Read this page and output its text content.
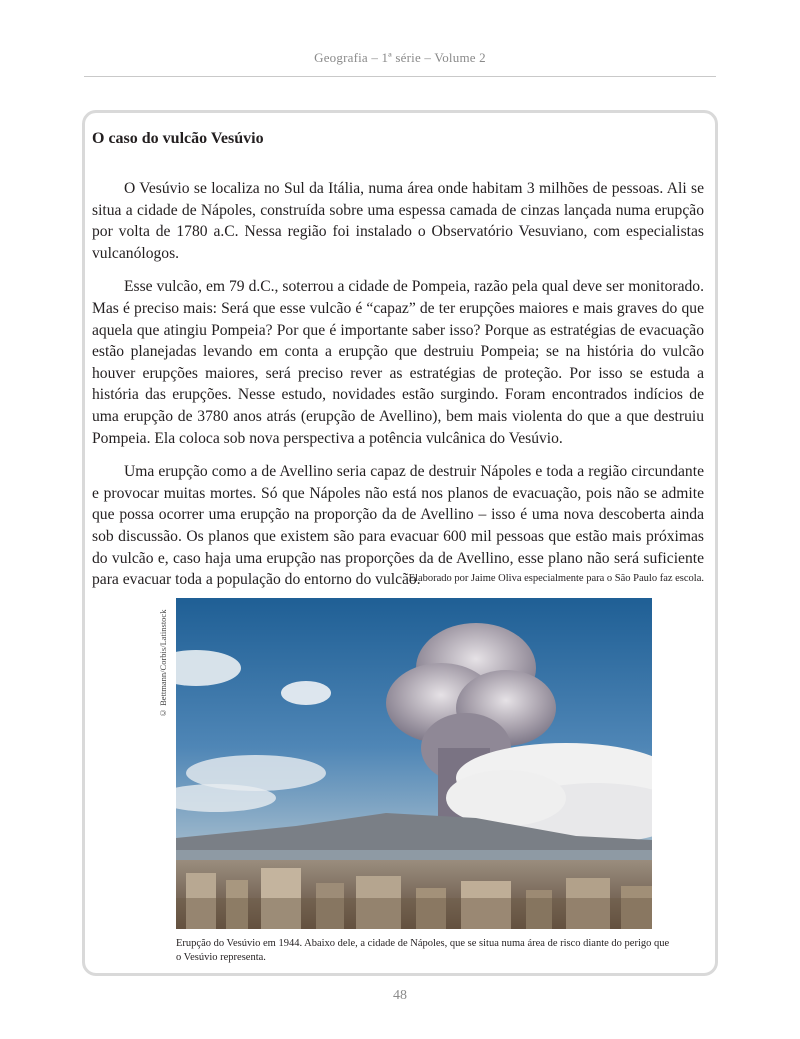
Geografia – 1ª série – Volume 2
O caso do vulcão Vesúvio

O Vesúvio se localiza no Sul da Itália, numa área onde habitam 3 milhões de pessoas. Ali se situa a cidade de Nápoles, construída sobre uma espessa camada de cinzas lançada numa erupção por volta de 1780 a.C. Nessa região foi instalado o Observatório Vesuviano, com especialistas vulcanólogos.

Esse vulcão, em 79 d.C., soterrou a cidade de Pompeia, razão pela qual deve ser monitorado. Mas é preciso mais: Será que esse vulcão é “capaz” de ter erupções maiores e mais graves do que aquela que atingiu Pompeia? Por que é importante saber isso? Porque as estratégias de evacuação estão planejadas levando em conta a erupção que destruiu Pompeia; se na história do vulcão houver erupções maiores, será preciso rever as estratégias de proteção. Por isso se estuda a história das erupções. Nesse estudo, novidades estão surgindo. Foram encontrados indícios de uma erupção de 3780 anos atrás (erupção de Avellino), bem mais violenta do que a que destruiu Pompeia. Ela coloca sob nova perspectiva a potência vulcânica do Vesúvio.

Uma erupção como a de Avellino seria capaz de destruir Nápoles e toda a região circundante e provocar muitas mortes. Só que Nápoles não está nos planos de evacuação, pois não se admite que possa ocorrer uma erupção na proporção da de Avellino – isso é uma nova descoberta ainda sob discussão. Os planos que existem são para evacuar 600 mil pessoas que estão mais próximas do vulcão e, caso haja uma erupção nas proporções da de Avellino, esse plano não será suficiente para evacuar toda a população do entorno do vulcão.

Elaborado por Jaime Oliva especialmente para o São Paulo faz escola.
© Bettmann/Corbis/Latinstock
Erupção do Vesúvio em 1944. Abaixo dele, a cidade de Nápoles, que se situa numa área de risco diante do perigo que o Vesúvio representa.
48
